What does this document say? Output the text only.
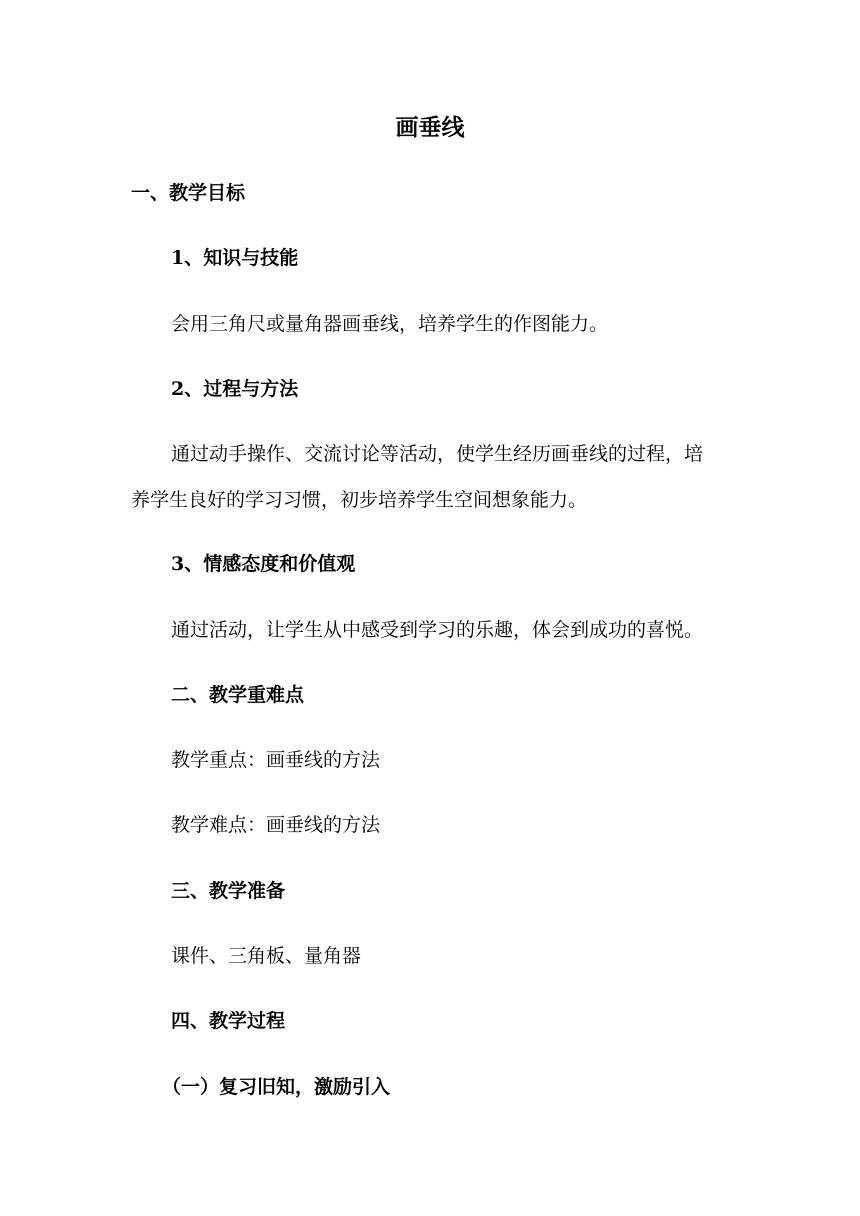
画垂线
一、教学目标
1、知识与技能
会用三角尺或量角器画垂线，培养学生的作图能力。
2、过程与方法
通过动手操作、交流讨论等活动，使学生经历画垂线的过程，培
养学生良好的学习习惯，初步培养学生空间想象能力。
3、情感态度和价值观
通过活动，让学生从中感受到学习的乐趣，体会到成功的喜悦。
二、教学重难点
教学重点：画垂线的方法
教学难点：画垂线的方法
三、教学准备
课件、三角板、量角器
四、教学过程
（一）复习旧知，激励引入
